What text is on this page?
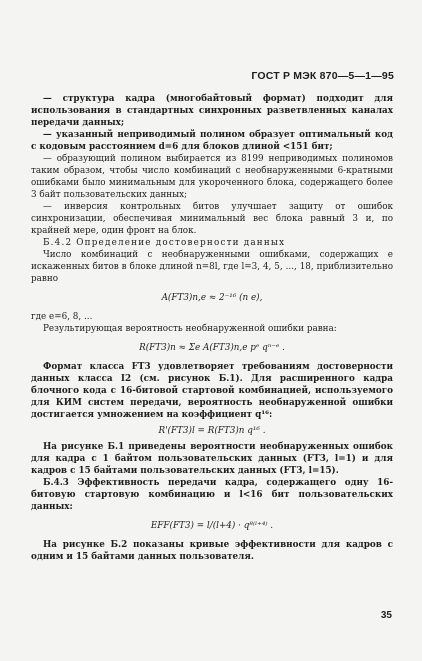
ГОСТ Р МЭК 870—5—1—95

— структура кадра (многобайтовый формат) подходит для использования в стандартных синхронных разветвленных каналах передачи данных;

— указанный неприводимый полином образует оптимальный код с кодовым расстоянием d=6 для блоков длиной <151 бит;

— образующий полином выбирается из 8199 неприводимых полиномов таким образом, чтобы число комбинаций с необнаруженными 6-кратными ошибками было минимальным для укороченного блока, содержащего более 3 байт пользовательских данных;

— инверсия контрольных битов улучшает защиту от ошибок синхронизации, обеспечивая минимальный вес блока равный 3 и, по крайней мере, один фронт на блок.

Б.4.2 Определение достоверности данных

Число комбинаций с необнаруженными ошибками, содержащих e искаженных битов в блоке длиной n=8l, где l=3, 4, 5, ..., 18, приблизительно равно

A(FT3)n,e ≈ 2⁻¹⁶ (n e),

где e=6, 8, ...

Результирующая вероятность необнаруженной ошибки равна:

R(FT3)n ≈ Σe A(FT3)n,e pᵉ qⁿ⁻ᵉ .

Формат класса FT3 удовлетворяет требованиям достоверности данных класса I2 (см. рисунок Б.1). Для расширенного кадра блочного кода с 16-битовой стартовой комбинацией, используемого для КИМ систем передачи, вероятность необнаруженной ошибки достигается умножением на коэффициент q¹⁶:

R'(FT3)l = R(FT3)n q¹⁶ .

На рисунке Б.1 приведены вероятности необнаруженных ошибок для кадра с 1 байтом пользовательских данных (FT3, l=1) и для кадров с 15 байтами пользовательских данных (FT3, l=15).

Б.4.3 Эффективность передачи кадра, содержащего одну 16-битовую стартовую комбинацию и l<16 бит пользовательских данных:

EFF(FT3) = l/(l+4) · q⁸⁽ˡ⁺⁴⁾ .

На рисунке Б.2 показаны кривые эффективности для кадров с одним и 15 байтами данных пользователя.

35
